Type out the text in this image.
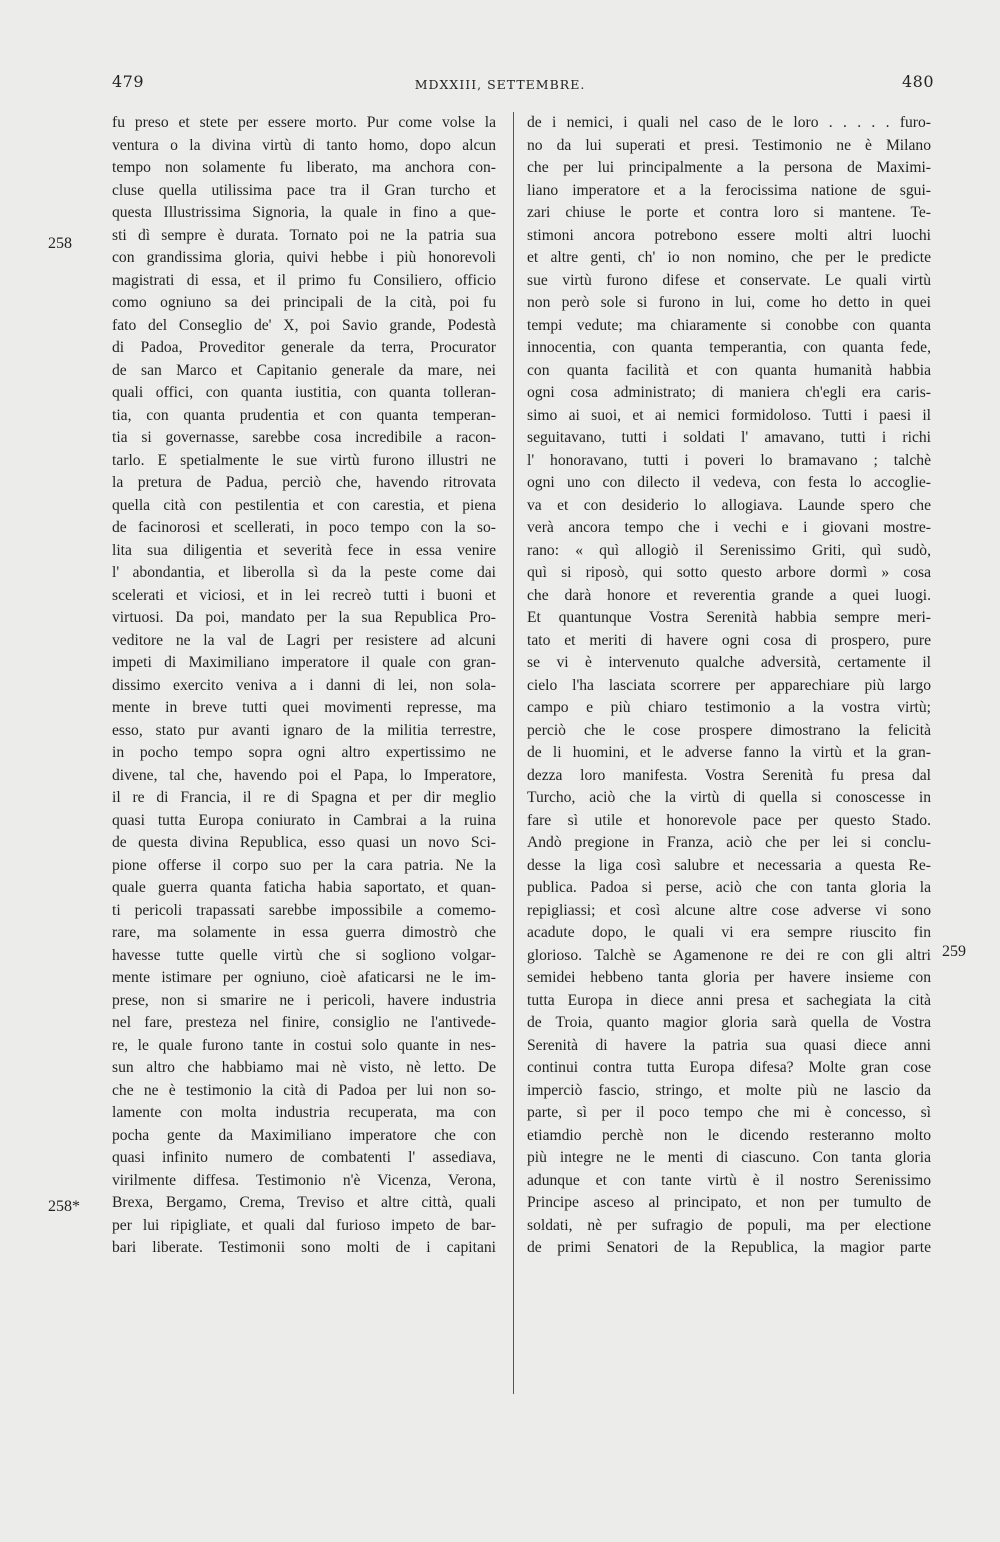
479	MDXXIII, SETTEMBRE.	480
258
258*
259
fu preso et stete per essere morto. Pur come volse la
ventura o la divina virtù di tanto homo, dopo alcun
tempo non solamente fu liberato, ma anchora con-
cluse quella utilissima pace tra il Gran turcho et
questa Illustrissima Signoria, la quale in fino a que-
sti dì sempre è durata. Tornato poi ne la patria sua
con grandissima gloria, quivi hebbe i più honorevoli
magistrati di essa, et il primo fu Consiliero, officio
como ogniuno sa dei principali de la cità, poi fu
fato del Conseglio de' X, poi Savio grande, Podestà
di Padoa, Proveditor generale da terra, Procurator
de san Marco et Capitanio generale da mare, nei
quali offici, con quanta iustitia, con quanta tolleran-
tia, con quanta prudentia et con quanta temperan-
tia si governasse, sarebbe cosa incredibile a racon-
tarlo. E spetialmente le sue virtù furono illustri ne
la pretura de Padua, perciò che, havendo ritrovata
quella cità con pestilentia et con carestia, et piena
de facinorosi et scellerati, in poco tempo con la so-
lita sua diligentia et severità fece in essa venire
l' abondantia, et liberolla sì da la peste come dai
scelerati et viciosi, et in lei recreò tutti i buoni et
virtuosi. Da poi, mandato per la sua Republica Pro-
veditore ne la val de Lagri per resistere ad alcuni
impeti di Maximiliano imperatore il quale con gran-
dissimo exercito veniva a i danni di lei, non sola-
mente in breve tutti quei movimenti represse, ma
esso, stato pur avanti ignaro de la militia terrestre,
in pocho tempo sopra ogni altro expertissimo ne
divene, tal che, havendo poi el Papa, lo Imperatore,
il re di Francia, il re di Spagna et per dir meglio
quasi tutta Europa coniurato in Cambrai a la ruina
de questa divina Republica, esso quasi un novo Sci-
pione offerse il corpo suo per la cara patria. Ne la
quale guerra quanta faticha habia saportato, et quan-
ti pericoli trapassati sarebbe impossibile a comemo-
rare, ma solamente in essa guerra dimostrò che
havesse tutte quelle virtù che si sogliono volgar-
mente istimare per ogniuno, cioè afaticarsi ne le im-
prese, non si smarire ne i pericoli, havere industria
nel fare, presteza nel finire, consiglio ne l'antivede-
re, le quale furono tante in costui solo quante in nes-
sun altro che habbiamo mai nè visto, nè letto. De
che ne è testimonio la cità di Padoa per lui non so-
lamente con molta industria recuperata, ma con
pocha gente da Maximiliano imperatore che con
quasi infinito numero de combatenti l' assediava,
virilmente diffesa. Testimonio n'è Vicenza, Verona,
Brexa, Bergamo, Crema, Treviso et altre città, quali
per lui ripigliate, et quali dal furioso impeto de bar-
bari liberate. Testimonii sono molti de i capitani
de i nemici, i quali nel caso de le loro . . . . . furo-
no da lui superati et presi. Testimonio ne è Milano
che per lui principalmente a la persona de Maximi-
liano imperatore et a la ferocissima natione de sgui-
zari chiuse le porte et contra loro si mantene. Te-
stimoni ancora potrebono essere molti altri luochi
et altre genti, ch' io non nomino, che per le predicte
sue virtù furono difese et conservate. Le quali virtù
non però sole si furono in lui, come ho detto in quei
tempi vedute; ma chiaramente si conobbe con quanta
innocentia, con quanta temperantia, con quanta fede,
con quanta facilità et con quanta humanità habbia
ogni cosa administrato; di maniera ch'egli era caris-
simo ai suoi, et ai nemici formidoloso. Tutti i paesi il
seguitavano, tutti i soldati l' amavano, tutti i richi
l' honoravano, tutti i poveri lo bramavano ; talchè
ogni uno con dilecto il vedeva, con festa lo accoglie-
va et con desiderio lo allogiava. Launde spero che
verà ancora tempo che i vechi e i giovani mostre-
rano: « quì allogiò il Serenissimo Griti, quì sudò,
quì si riposò, qui sotto questo arbore dormì » cosa
che darà honore et reverentia grande a quei luogi.
Et quantunque Vostra Serenità habbia sempre meri-
tato et meriti di havere ogni cosa di prospero, pure
se vi è intervenuto qualche adversità, certamente il
cielo l'ha lasciata scorrere per apparechiare più largo
campo e più chiaro testimonio a la vostra virtù;
perciò che le cose prospere dimostrano la felicità
de li huomini, et le adverse fanno la virtù et la gran-
dezza loro manifesta. Vostra Serenità fu presa dal
Turcho, aciò che la virtù di quella si conoscesse in
fare sì utile et honorevole pace per questo Stado.
Andò pregione in Franza, aciò che per lei si conclu-
desse la liga così salubre et necessaria a questa Re-
publica. Padoa si perse, aciò che con tanta gloria la
repigliassi; et così alcune altre cose adverse vi sono
acadute dopo, le quali vi era sempre riuscito fin
glorioso. Talchè se Agamenone re dei re con gli altri
semidei hebbeno tanta gloria per havere insieme con
tutta Europa in diece anni presa et sachegiata la cità
de Troia, quanto magior gloria sarà quella de Vostra
Serenità di havere la patria sua quasi diece anni
continui contra tutta Europa difesa? Molte gran cose
imperciò fascio, stringo, et molte più ne lascio da
parte, sì per il poco tempo che mi è concesso, sì
etiamdio perchè non le dicendo resteranno molto
più integre ne le menti di ciascuno. Con tanta gloria
adunque et con tante virtù è il nostro Serenissimo
Principe asceso al principato, et non per tumulto de
soldati, nè per sufragio de populi, ma per electione
de primi Senatori de la Republica, la magior parte
